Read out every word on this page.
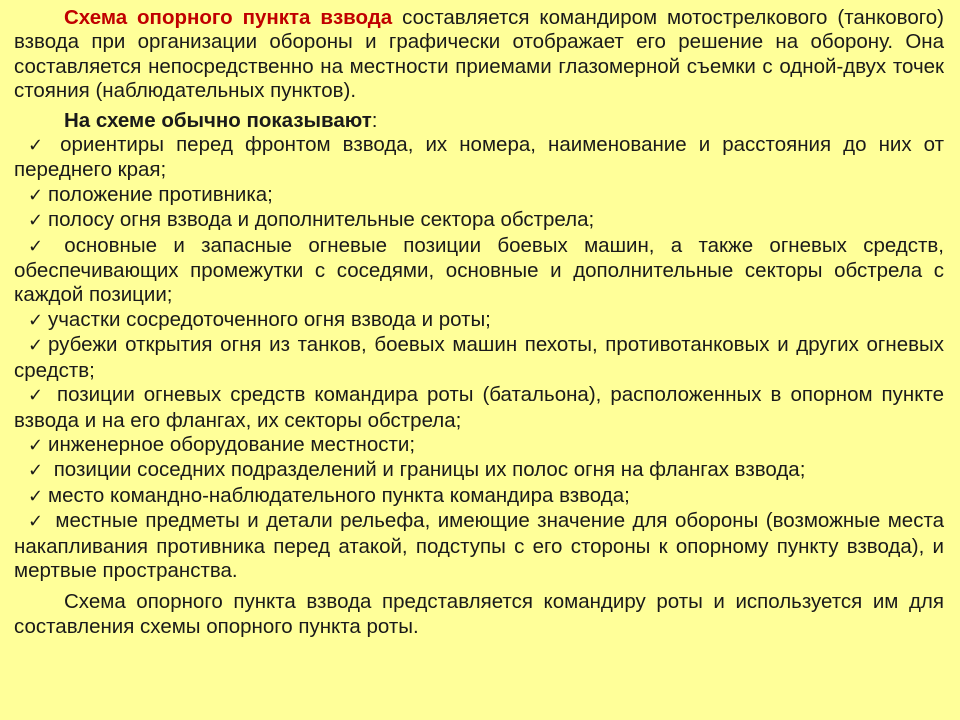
Схема опорного пункта взвода составляется командиром мотострелкового (танкового) взвода при организации обороны и графически отображает его решение на оборону. Она составляется непосредственно на местности приемами глазомерной съемки с одной-двух точек стояния (наблюдательных пунктов).

На схеме обычно показывают:

✓ ориентиры перед фронтом взвода, их номера, наименование и расстояния до них от переднего края;
✓ положение противника;
✓ полосу огня взвода и дополнительные сектора обстрела;
✓ основные и запасные огневые позиции боевых машин, а также огневых средств, обеспечивающих промежутки с соседями, основные и дополнительные секторы обстрела с каждой позиции;
✓ участки сосредоточенного огня взвода и роты;
✓ рубежи открытия огня из танков, боевых машин пехоты, противотанковых и других огневых средств;
✓ позиции огневых средств командира роты (батальона), расположенных в опорном пункте взвода и на его флангах, их секторы обстрела;
✓ инженерное оборудование местности;
✓ позиции соседних подразделений и границы их полос огня на флангах взвода;
✓ место командно-наблюдательного пункта командира взвода;
✓ местные предметы и детали рельефа, имеющие значение для обороны (возможные места накапливания противника перед атакой, подступы с его стороны к опорному пункту взвода), и мертвые пространства.

Схема опорного пункта взвода представляется командиру роты и используется им для составления схемы опорного пункта роты.
